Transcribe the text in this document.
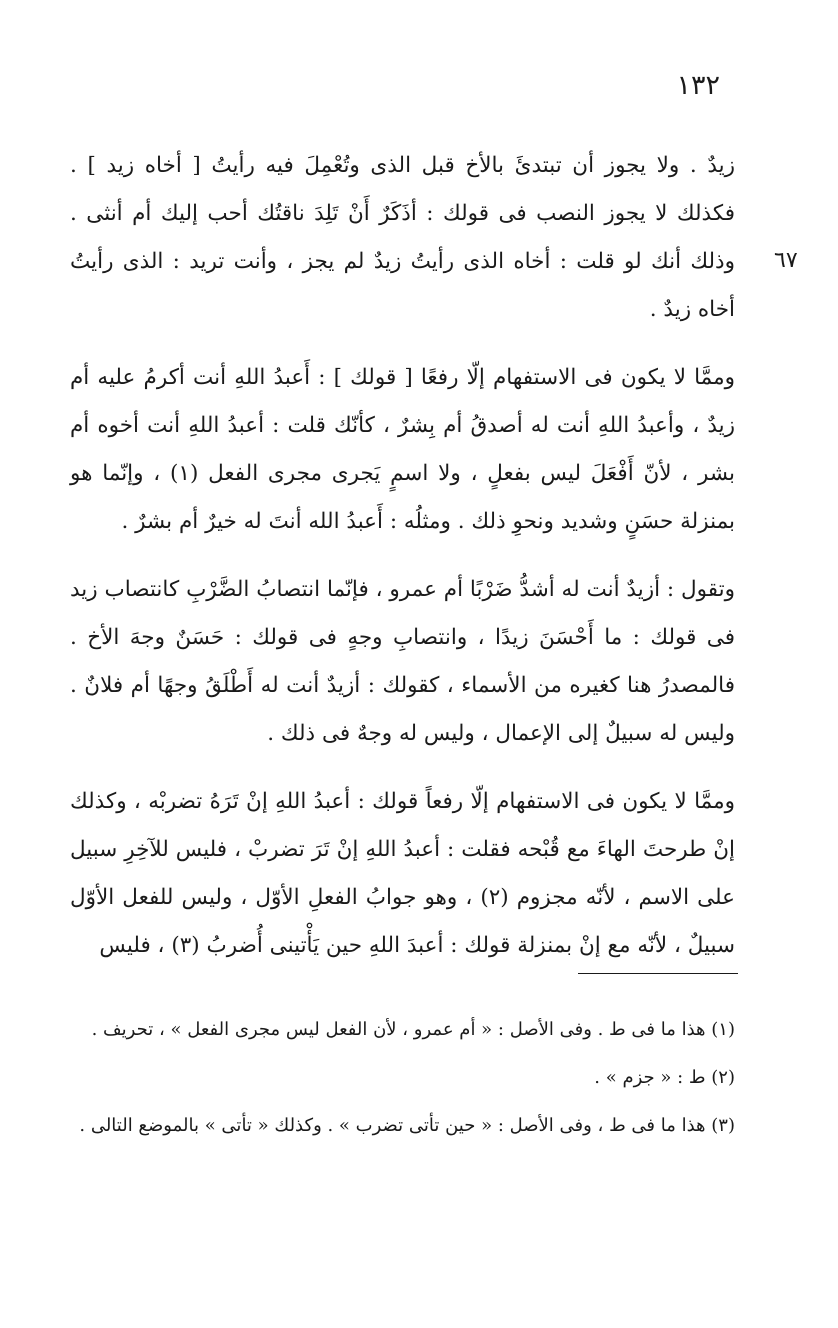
١٣٢
٦٧

زيدٌ . ولا يجوز أن تبتدئَ بالأخ قبل الذى وتُعْمِلَ فيه رأيتُ [ أخاه زيد ] . فكذلك لا يجوز النصب فى قولك : أذَكَرٌ أَنْ تَلِدَ ناقتُك أحب إليك أم أنثى . وذلك أنك لو قلت : أخاه الذى رأيتُ زيدٌ لم يجز ، وأنت تريد : الذى رأيتُ أخاه زيدٌ .

وممَّا لا يكون فى الاستفهام إلّا رفعًا [ قولك ] : أَعبدُ اللهِ أنت أكرمُ عليه أم زيدٌ ، وأعبدُ اللهِ أنت له أصدقُ أم بِشرٌ ، كأنّك قلت : أعبدُ اللهِ أنت أخوه أم بشر ، لأنّ أَفْعَلَ ليس بفعلٍ ، ولا اسمٍ يَجرى مجرى الفعل (١) ، وإنّما هو بمنزلة حسَنٍ وشديد ونحوِ ذلك . ومثلُه : أَعبدُ الله أنتَ له خيرٌ أم بشرٌ .

وتقول : أزيدٌ أنت له أشدُّ ضَرْبًا أم عمرو ، فإنّما انتصابُ الضَّرْبِ كانتصاب زيد فى قولك : ما أَحْسَنَ زيدًا ، وانتصابِ وجهٍ فى قولك : حَسَنٌ وجهَ الأخ . فالمصدرُ هنا كغيره من الأسماء ، كقولك : أزيدٌ أنت له أَطْلَقُ وجهًا أم فلانٌ . وليس له سبيلٌ إلى الإعمال ، وليس له وجهٌ فى ذلك .

وممَّا لا يكون فى الاستفهام إلّا رفعاً قولك : أعبدُ اللهِ إنْ تَرَهُ تضربْه ، وكذلك إنْ طرحتَ الهاءَ مع قُبْحه فقلت : أعبدُ اللهِ إنْ تَرَ تضربْ ، فليس للآخِرِ سبيل على الاسم ، لأنّه مجزوم (٢) ، وهو جوابُ الفعلِ الأوّل ، وليس للفعل الأوّل سبيلٌ ، لأنّه مع إنْ بمنزلة قولك : أعبدَ اللهِ حين يَأْتينى أُضربُ (٣) ، فليس

(١) هذا ما فى ط . وفى الأصل : « أم عمرو ، لأن الفعل ليس مجرى الفعل » ، تحريف .

(٢) ط : « جزم » .

(٣) هذا ما فى ط ، وفى الأصل : « حين تأتى تضرب » . وكذلك « تأتى » بالموضع التالى .
